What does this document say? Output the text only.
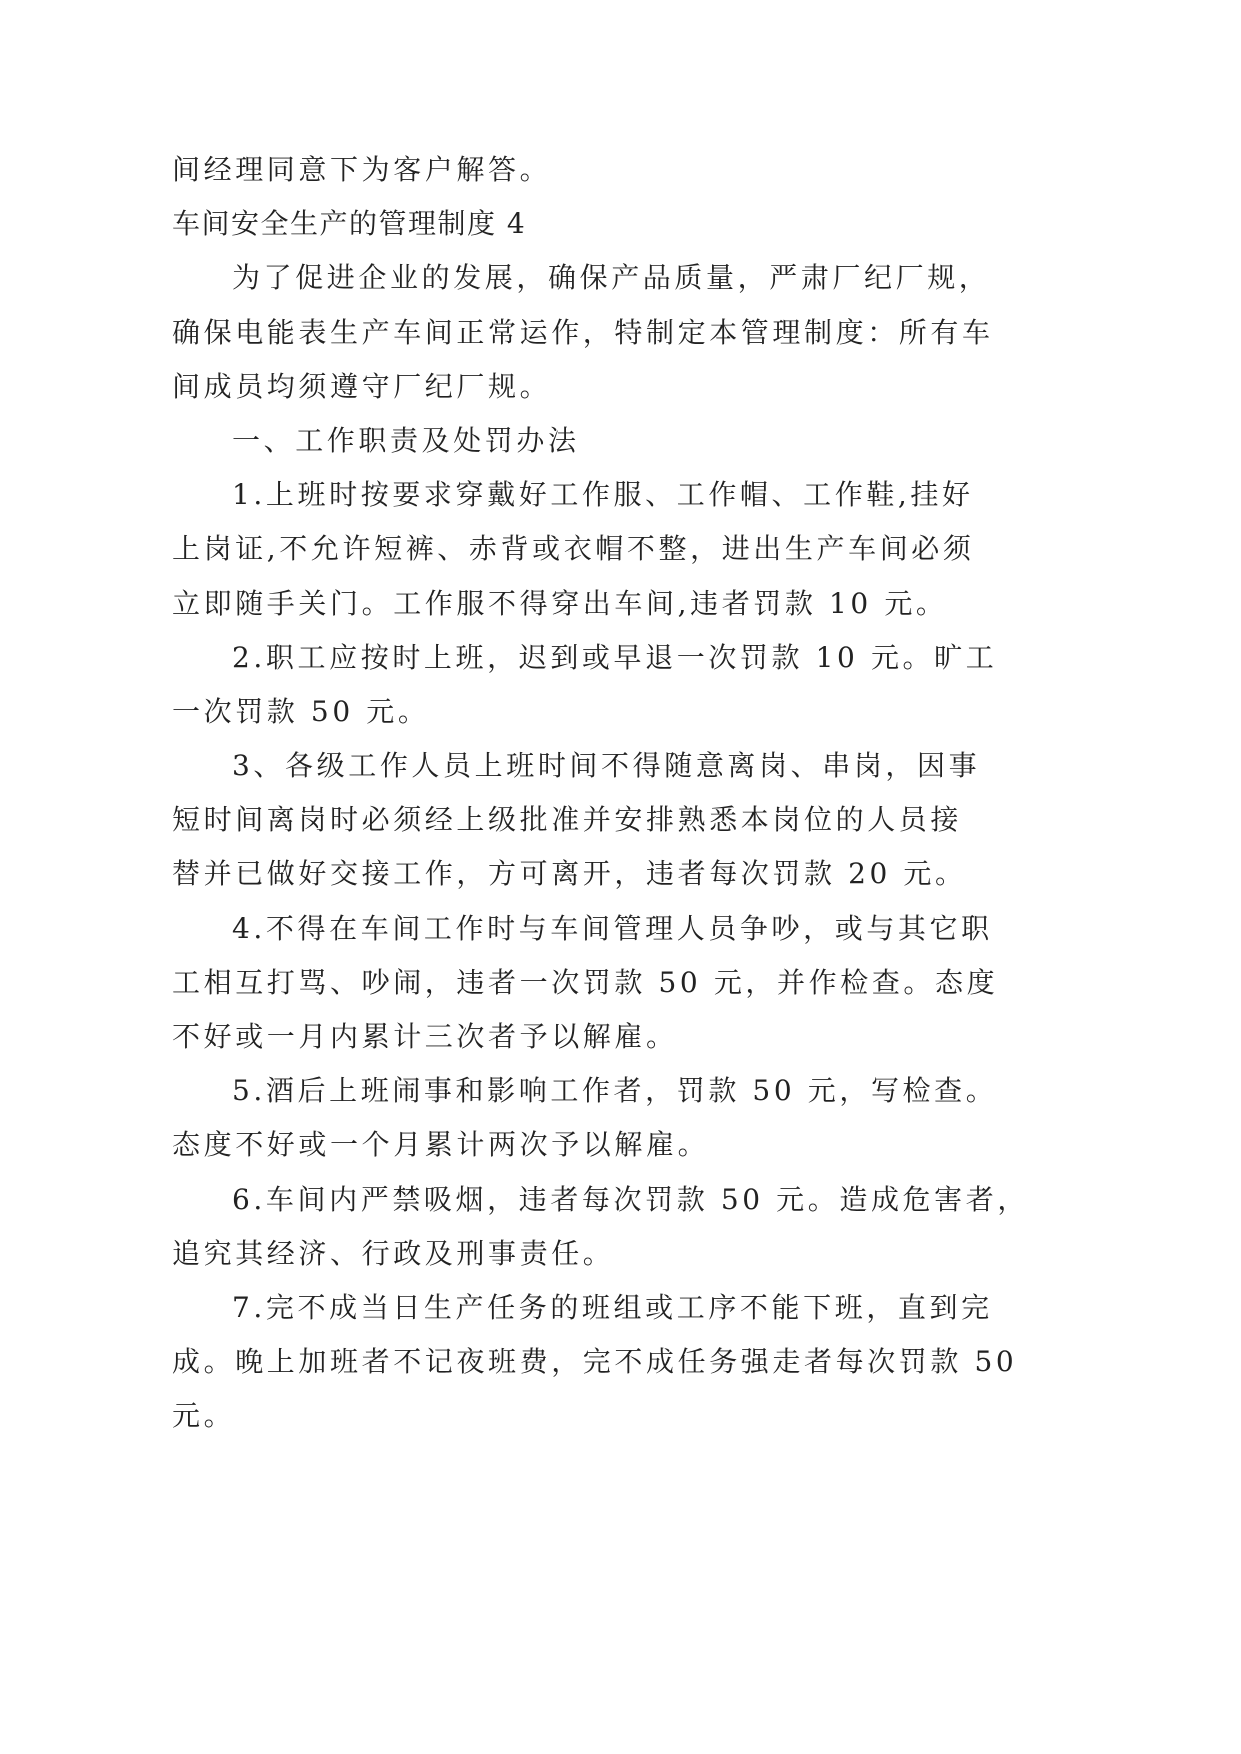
间经理同意下为客户解答。
车间安全生产的管理制度 4
为了促进企业的发展，确保产品质量，严肃厂纪厂规，
确保电能表生产车间正常运作，特制定本管理制度：所有车
间成员均须遵守厂纪厂规。
一、工作职责及处罚办法
1.上班时按要求穿戴好工作服、工作帽、工作鞋,挂好
上岗证,不允许短裤、赤背或衣帽不整，进出生产车间必须
立即随手关门。工作服不得穿出车间,违者罚款 10 元。
2.职工应按时上班，迟到或早退一次罚款 10 元。旷工
一次罚款 50 元。
3、各级工作人员上班时间不得随意离岗、串岗，因事
短时间离岗时必须经上级批准并安排熟悉本岗位的人员接
替并已做好交接工作，方可离开，违者每次罚款 20 元。
4.不得在车间工作时与车间管理人员争吵，或与其它职
工相互打骂、吵闹，违者一次罚款 50 元，并作检查。态度
不好或一月内累计三次者予以解雇。
5.酒后上班闹事和影响工作者，罚款 50 元，写检查。
态度不好或一个月累计两次予以解雇。
6.车间内严禁吸烟，违者每次罚款 50 元。造成危害者，
追究其经济、行政及刑事责任。
7.完不成当日生产任务的班组或工序不能下班，直到完
成。晚上加班者不记夜班费，完不成任务强走者每次罚款 50
元。
